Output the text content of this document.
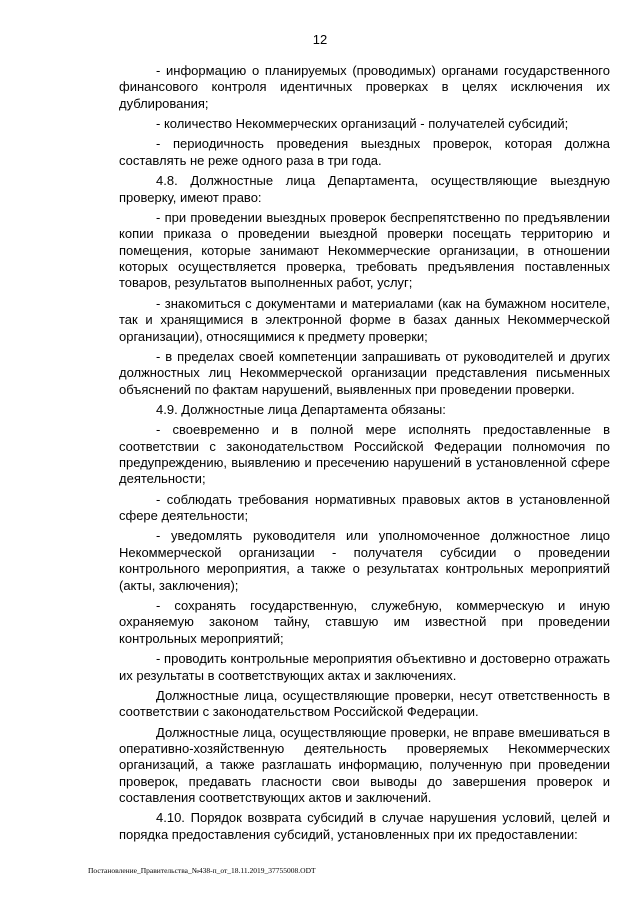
12

- информацию о планируемых (проводимых) органами государственного финансового контроля идентичных проверках в целях исключения их дублирования;

- количество Некоммерческих организаций - получателей субсидий;

- периодичность проведения выездных проверок, которая должна составлять не реже одного раза в три года.

4.8. Должностные лица Департамента, осуществляющие выездную проверку, имеют право:

- при проведении выездных проверок беспрепятственно по предъявлении копии приказа о проведении выездной проверки посещать территорию и помещения, которые занимают Некоммерческие организации, в отношении которых осуществляется проверка, требовать предъявления поставленных товаров, результатов выполненных работ, услуг;

- знакомиться с документами и материалами (как на бумажном носителе, так и хранящимися в электронной форме в базах данных Некоммерческой организации), относящимися к предмету проверки;

- в пределах своей компетенции запрашивать от руководителей и других должностных лиц Некоммерческой организации представления письменных объяснений по фактам нарушений, выявленных при проведении проверки.

4.9. Должностные лица Департамента обязаны:

- своевременно и в полной мере исполнять предоставленные в соответствии с законодательством Российской Федерации полномочия по предупреждению, выявлению и пресечению нарушений в установленной сфере деятельности;

- соблюдать требования нормативных правовых актов в установленной сфере деятельности;

- уведомлять руководителя или уполномоченное должностное лицо Некоммерческой организации - получателя субсидии о проведении контрольного мероприятия, а также о результатах контрольных мероприятий (акты, заключения);

- сохранять государственную, служебную, коммерческую и иную охраняемую законом тайну, ставшую им известной при проведении контрольных мероприятий;

- проводить контрольные мероприятия объективно и достоверно отражать их результаты в соответствующих актах и заключениях.

Должностные лица, осуществляющие проверки, несут ответственность в соответствии с законодательством Российской Федерации.

Должностные лица, осуществляющие проверки, не вправе вмешиваться в оперативно-хозяйственную деятельность проверяемых Некоммерческих организаций, а также разглашать информацию, полученную при проведении проверок, предавать гласности свои выводы до завершения проверок и составления соответствующих актов и заключений.

4.10. Порядок возврата субсидий в случае нарушения условий, целей и порядка предоставления субсидий, установленных при их предоставлении:

Постановление_Правительства_№438-п_от_18.11.2019_37755008.ODT
